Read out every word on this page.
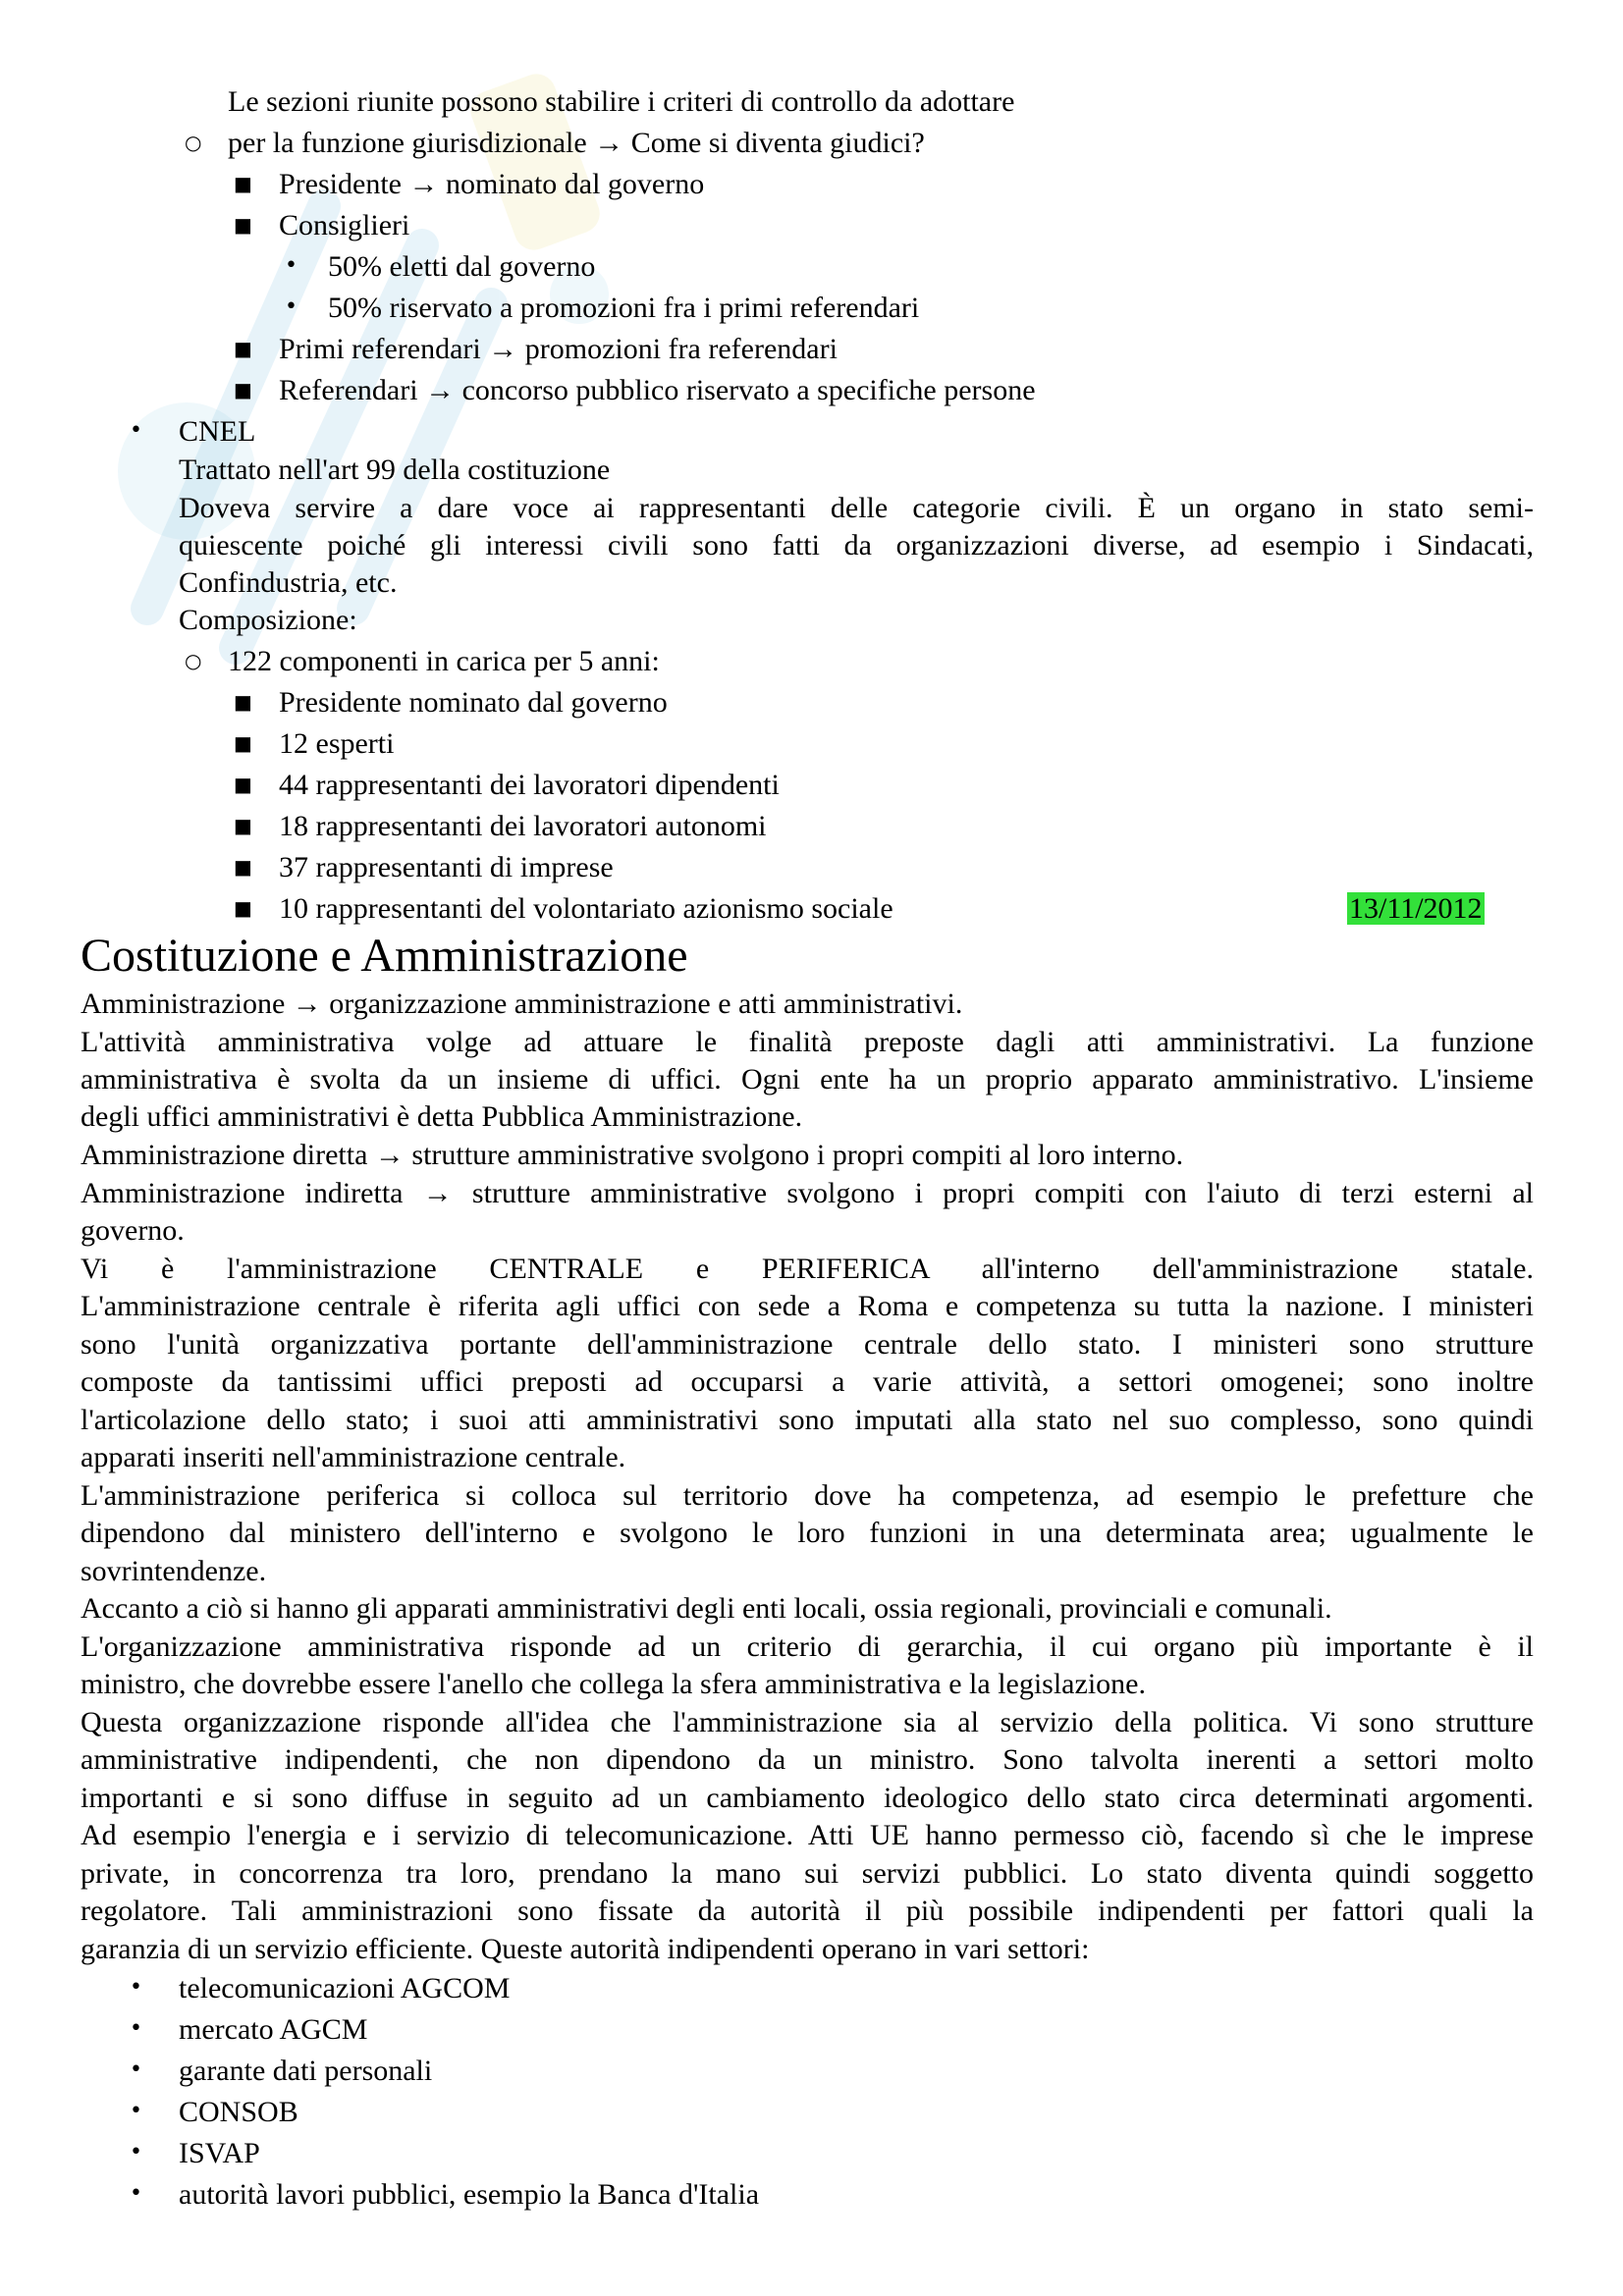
Le sezioni riunite possono stabilire i criteri di controllo da adottare
○ per la funzione giurisdizionale → Come si diventa giudici?
■ Presidente → nominato dal governo
■ Consiglieri
• 50% eletti dal governo
• 50% riservato a promozioni fra i primi referendari
■ Primi referendari → promozioni fra referendari
■ Referendari → concorso pubblico riservato a specifiche persone
• CNEL
Trattato nell'art 99 della costituzione
Doveva servire a dare voce ai rappresentanti delle categorie civili. È un organo in stato semi-
quiescente poiché gli interessi civili sono fatti da organizzazioni diverse, ad esempio i Sindacati,
Confindustria, etc.
Composizione:
○ 122 componenti in carica per 5 anni:
■ Presidente nominato dal governo
■ 12 esperti
■ 44 rappresentanti dei lavoratori dipendenti
■ 18 rappresentanti dei lavoratori autonomi
■ 37 rappresentanti di imprese
■ 10 rappresentanti del volontariato azionismo sociale	13/11/2012
Costituzione e Amministrazione
Amministrazione → organizzazione amministrazione e atti amministrativi.
L'attività amministrativa volge ad attuare le finalità preposte dagli atti amministrativi. La funzione
amministrativa è svolta da un insieme di uffici. Ogni ente ha un proprio apparato amministrativo. L'insieme
degli uffici amministrativi è detta Pubblica Amministrazione.
Amministrazione diretta → strutture amministrative svolgono i propri compiti al loro interno.
Amministrazione indiretta → strutture amministrative svolgono i propri compiti con l'aiuto di terzi esterni al
governo.
Vi è l'amministrazione CENTRALE e PERIFERICA all'interno dell'amministrazione statale.
L'amministrazione centrale è riferita agli uffici con sede a Roma e competenza su tutta la nazione. I ministeri
sono l'unità organizzativa portante dell'amministrazione centrale dello stato. I ministeri sono strutture
composte da tantissimi uffici preposti ad occuparsi a varie attività, a settori omogenei; sono inoltre
l'articolazione dello stato; i suoi atti amministrativi sono imputati alla stato nel suo complesso, sono quindi
apparati inseriti nell'amministrazione centrale.
L'amministrazione periferica si colloca sul territorio dove ha competenza, ad esempio le prefetture che
dipendono dal ministero dell'interno e svolgono le loro funzioni in una determinata area; ugualmente le
sovrintendenze.
Accanto a ciò si hanno gli apparati amministrativi degli enti locali, ossia regionali, provinciali e comunali.
L'organizzazione amministrativa risponde ad un criterio di gerarchia, il cui organo più importante è il
ministro, che dovrebbe essere l'anello che collega la sfera amministrativa e la legislazione.
Questa organizzazione risponde all'idea che l'amministrazione sia al servizio della politica. Vi sono strutture
amministrative indipendenti, che non dipendono da un ministro. Sono talvolta inerenti a settori molto
importanti e si sono diffuse in seguito ad un cambiamento ideologico dello stato circa determinati argomenti.
Ad esempio l'energia e i servizio di telecomunicazione. Atti UE hanno permesso ciò, facendo sì che le imprese
private, in concorrenza tra loro, prendano la mano sui servizi pubblici. Lo stato diventa quindi soggetto
regolatore. Tali amministrazioni sono fissate da autorità il più possibile indipendenti per fattori quali la
garanzia di un servizio efficiente. Queste autorità indipendenti operano in vari settori:
• telecomunicazioni AGCOM
• mercato AGCM
• garante dati personali
• CONSOB
• ISVAP
• autorità lavori pubblici, esempio la Banca d'Italia
